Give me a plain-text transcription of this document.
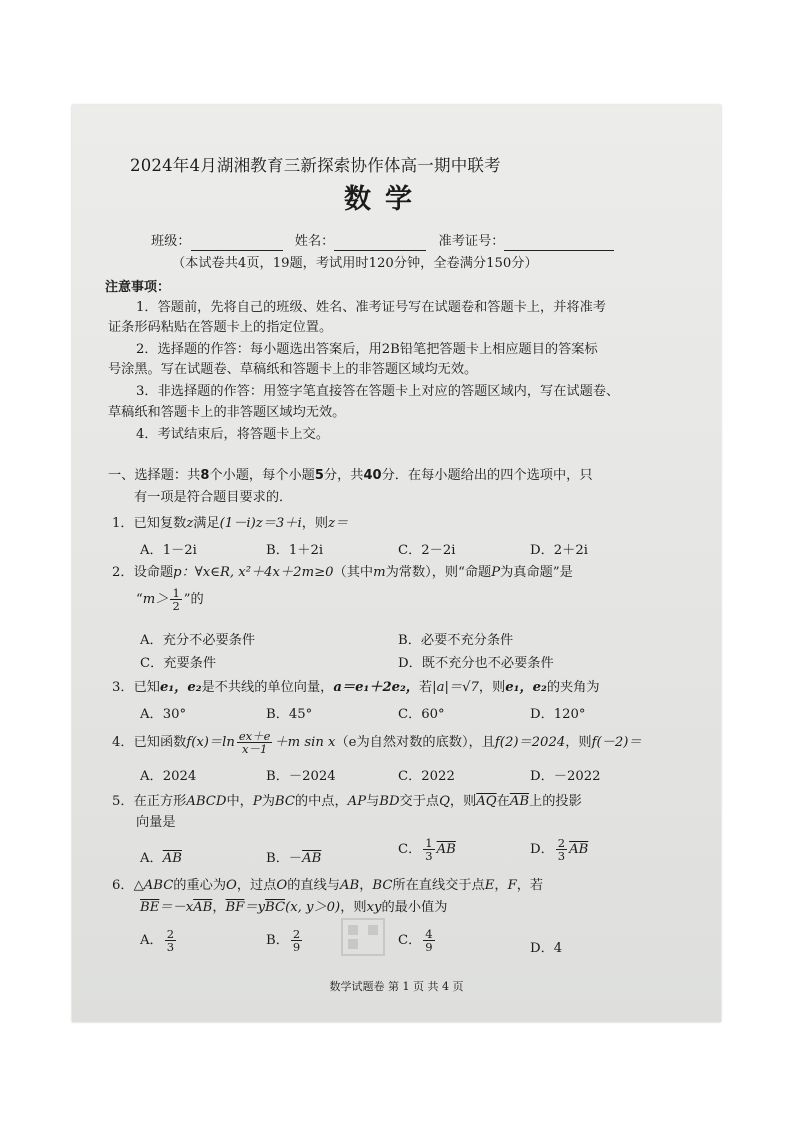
2024年4月湖湘教育三新探索协作体高一期中联考
数学
班级：	姓名：	准考证号：
（本试卷共4页，19题，考试用时120分钟，全卷满分150分）
注意事项：
1．答题前，先将自己的班级、姓名、准考证号写在试题卷和答题卡上，并将准考
证条形码粘贴在答题卡上的指定位置。
2．选择题的作答：每小题选出答案后，用2B铅笔把答题卡上相应题目的答案标
号涂黑。写在试题卷、草稿纸和答题卡上的非答题区域均无效。
3．非选择题的作答：用签字笔直接答在答题卡上对应的答题区域内，写在试题卷、
草稿纸和答题卡上的非答题区域均无效。
4．考试结束后，将答题卡上交。
一、选择题：共8个小题，每个小题5分，共40分．在每小题给出的四个选项中，只
有一项是符合题目要求的．
1．已知复数z满足(1－i)z＝3＋i，则z＝
A．1－2i	B．1＋2i	C．2－2i	D．2＋2i
2．设命题p：∀x∈R, x²＋4x＋2m≥0（其中m为常数），则“命题P为真命题”是
“$m> \frac{1}{2}$ ”的
A．充分不必要条件	B．必要不充分条件
C．充要条件	D．既不充分也不必要条件
3．已知e₁，e₂是不共线的单位向量，a＝e₁＋2e₂，若|a|＝√7，则e₁，e₂的夹角为
A．30°	B．45°	C．60°	D．120°
4．已知函数$f(x)=\ln \frac{ex+e}{x-1} +m$ sin x（e为自然对数的底数），且f(2)＝2024，则f(－2)＝
A．2024	B．－2024	C．2022	D．－2022
5．在正方形ABCD中，P为BC的中点，AP与BD交于点Q，则$\overline{AQ}$在$\overline{AB}$上的投影
向量是
A．$\overline{AB}$	B．$-\overline{AB}$
C． $\frac{1}{3} \overline{AB}$	D． $\frac{2}{3} \overline{AB}$
6．△ABC的重心为O，过点O的直线与AB，BC所在直线交于点E，F，若
$\overline{BE}=-x\overline{AB}$，$\overline{BF}=y\overline{BC}(x$, y＞0)，则xy的最小值为
A． $\frac{2}{3}$	B． $\frac{2}{9}$	C． $\frac{4}{9}$	D．4
数学试题卷 第 1 页 共 4 页
